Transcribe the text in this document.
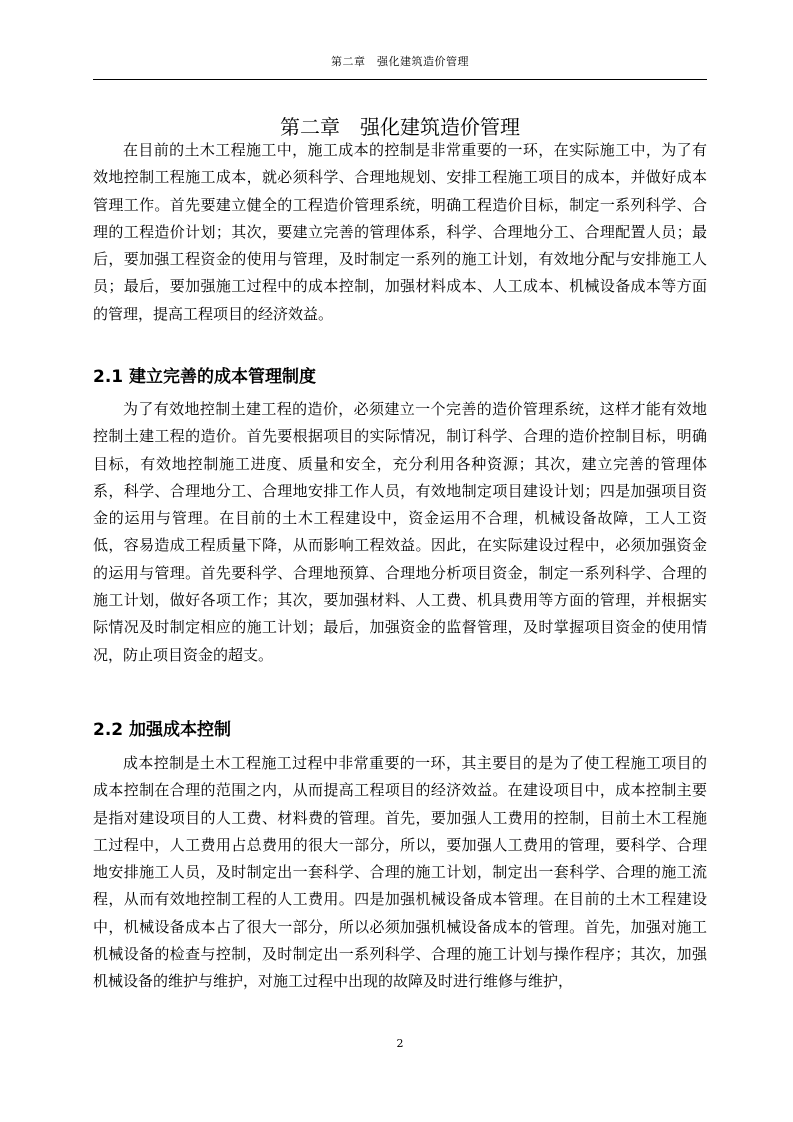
第二章　强化建筑造价管理
第二章　强化建筑造价管理

在目前的土木工程施工中，施工成本的控制是非常重要的一环，在实际施工中，为了有效地控制工程施工成本，就必须科学、合理地规划、安排工程施工项目的成本，并做好成本管理工作。首先要建立健全的工程造价管理系统，明确工程造价目标，制定一系列科学、合理的工程造价计划；其次，要建立完善的管理体系，科学、合理地分工、合理配置人员；最后，要加强工程资金的使用与管理，及时制定一系列的施工计划，有效地分配与安排施工人员；最后，要加强施工过程中的成本控制，加强材料成本、人工成本、机械设备成本等方面的管理，提高工程项目的经济效益。

2.1 建立完善的成本管理制度

为了有效地控制土建工程的造价，必须建立一个完善的造价管理系统，这样才能有效地控制土建工程的造价。首先要根据项目的实际情况，制订科学、合理的造价控制目标，明确目标，有效地控制施工进度、质量和安全，充分利用各种资源；其次，建立完善的管理体系，科学、合理地分工、合理地安排工作人员，有效地制定项目建设计划；四是加强项目资金的运用与管理。在目前的土木工程建设中，资金运用不合理，机械设备故障，工人工资低，容易造成工程质量下降，从而影响工程效益。因此，在实际建设过程中，必须加强资金的运用与管理。首先要科学、合理地预算、合理地分析项目资金，制定一系列科学、合理的施工计划，做好各项工作；其次，要加强材料、人工费、机具费用等方面的管理，并根据实际情况及时制定相应的施工计划；最后，加强资金的监督管理，及时掌握项目资金的使用情况，防止项目资金的超支。

2.2 加强成本控制

成本控制是土木工程施工过程中非常重要的一环，其主要目的是为了使工程施工项目的成本控制在合理的范围之内，从而提高工程项目的经济效益。在建设项目中，成本控制主要是指对建设项目的人工费、材料费的管理。首先，要加强人工费用的控制，目前土木工程施工过程中，人工费用占总费用的很大一部分，所以，要加强人工费用的管理，要科学、合理地安排施工人员，及时制定出一套科学、合理的施工计划，制定出一套科学、合理的施工流程，从而有效地控制工程的人工费用。四是加强机械设备成本管理。在目前的土木工程建设中，机械设备成本占了很大一部分，所以必须加强机械设备成本的管理。首先，加强对施工机械设备的检查与控制，及时制定出一系列科学、合理的施工计划与操作程序；其次，加强机械设备的维护与维护，对施工过程中出现的故障及时进行维修与维护，

2
